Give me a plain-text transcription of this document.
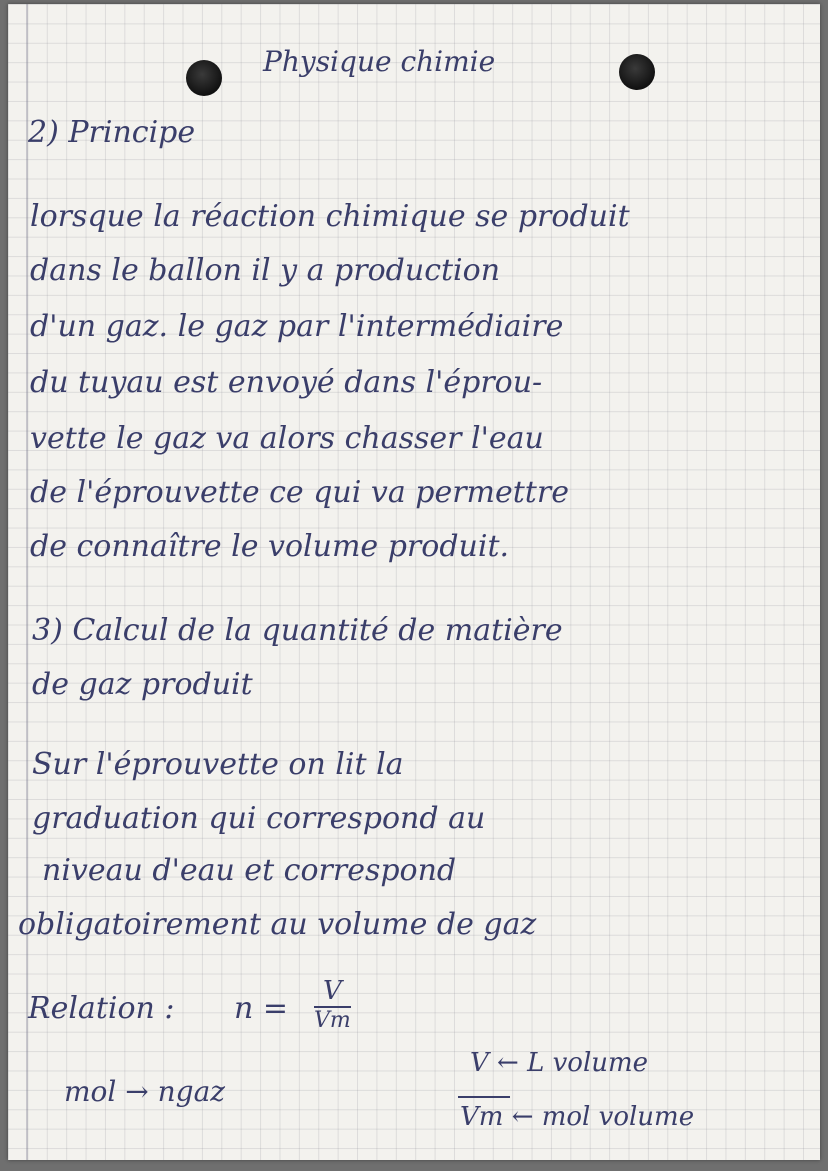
Physique chimie
2) Principe
lorsque la réaction chimique se produit
dans le ballon il y a production
d'un gaz. le gaz par l'intermédiaire
du tuyau est envoyé dans l'éprou-
vette le gaz va alors chasser l'eau
de l'éprouvette ce qui va permettre
de connaître le volume produit.
3) Calcul de la quantité de matière
de gaz produit
Sur l'éprouvette on lit la
graduation qui correspond au
niveau d'eau et correspond
obligatoirement au volume de gaz
Relation : n =	V
Vm
mol → ngaz
V ← L volume
Vm ← mol volume
